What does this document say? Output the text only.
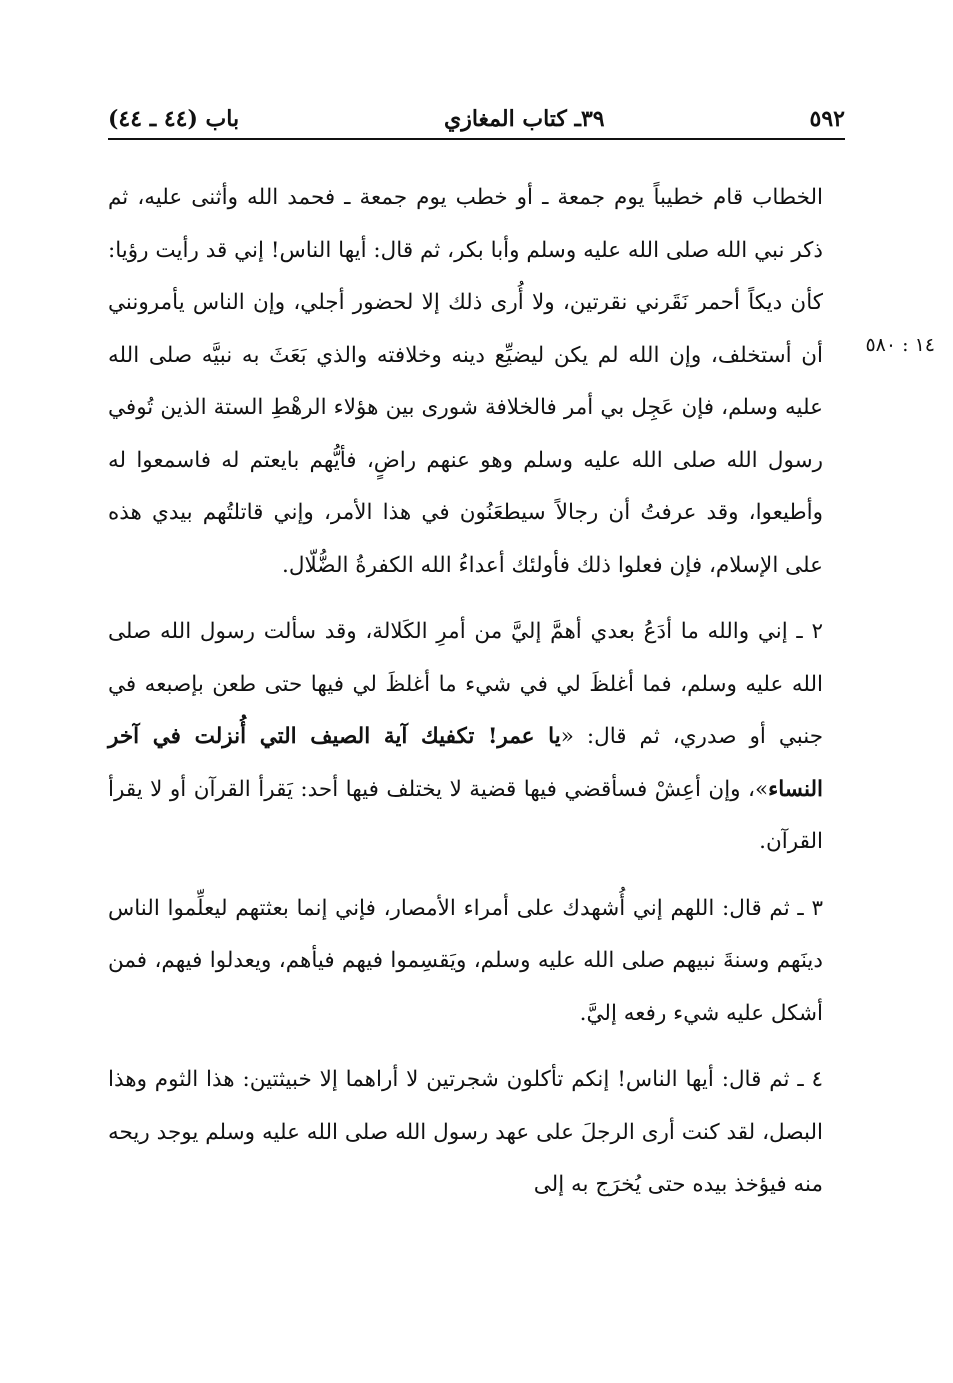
٥٩٢
٣٩ـ كتاب المغازي
باب (٤٤ ـ ٤٤)
١٤ : ٥٨٠

الخطاب قام خطيباً يوم جمعة ـ أو خطب يوم جمعة ـ فحمد الله وأثنى عليه، ثم ذكر نبي الله صلى الله عليه وسلم وأبا بكر، ثم قال: أيها الناس! إني قد رأيت رؤيا: كأن ديكاً أحمر نَقَرني نقرتين، ولا أُرى ذلك إلا لحضور أجلي، وإن الناس يأمرونني أن أستخلف، وإن الله لم يكن ليضيِّع دينه وخلافته والذي بَعَثَ به نبيَّه صلى الله عليه وسلم، فإن عَجِل بي أمر فالخلافة شورى بين هؤلاء الرهْطِ الستة الذين تُوفي رسول الله صلى الله عليه وسلم وهو عنهم راضٍ، فأيُّهم بايعتم له فاسمعوا له وأطيعوا، وقد عرفتُ أن رجالاً سيطعَنُون في هذا الأمر، وإني قاتلتُهم بيدي هذه على الإسلام، فإن فعلوا ذلك فأولئك أعداءُ الله الكفرةُ الضُّلّال.

٢ ـ إني والله ما أدَعُ بعدي أهمَّ إليَّ من أمرِ الكَلالة، وقد سألت رسول الله صلى الله عليه وسلم، فما أغلظَ لي في شيء ما أغلظَ لي فيها حتى طعن بإصبعه في جنبي أو صدري، ثم قال: «يا عمر! تكفيك آية الصيف التي أُنزلت في آخر النساء»، وإن أعِشْ فسأقضي فيها قضية لا يختلف فيها أحد: يَقرأ القرآن أو لا يقرأ القرآن.

٣ ـ ثم قال: اللهم إني أُشهدك على أمراء الأمصار، فإني إنما بعثتهم ليعلِّموا الناس دينَهم وسنةَ نبيهم صلى الله عليه وسلم، ويَقسِموا فيهم فيأهم، ويعدلوا فيهم، فمن أشكل عليه شيء رفعه إليَّ.

٤ ـ ثم قال: أيها الناس! إنكم تأكلون شجرتين لا أراهما إلا خبيثتين: هذا الثوم وهذا البصل، لقد كنت أرى الرجلَ على عهد رسول الله صلى الله عليه وسلم يوجد ريحه منه فيؤخذ بيده حتى يُخرَج به إلى
